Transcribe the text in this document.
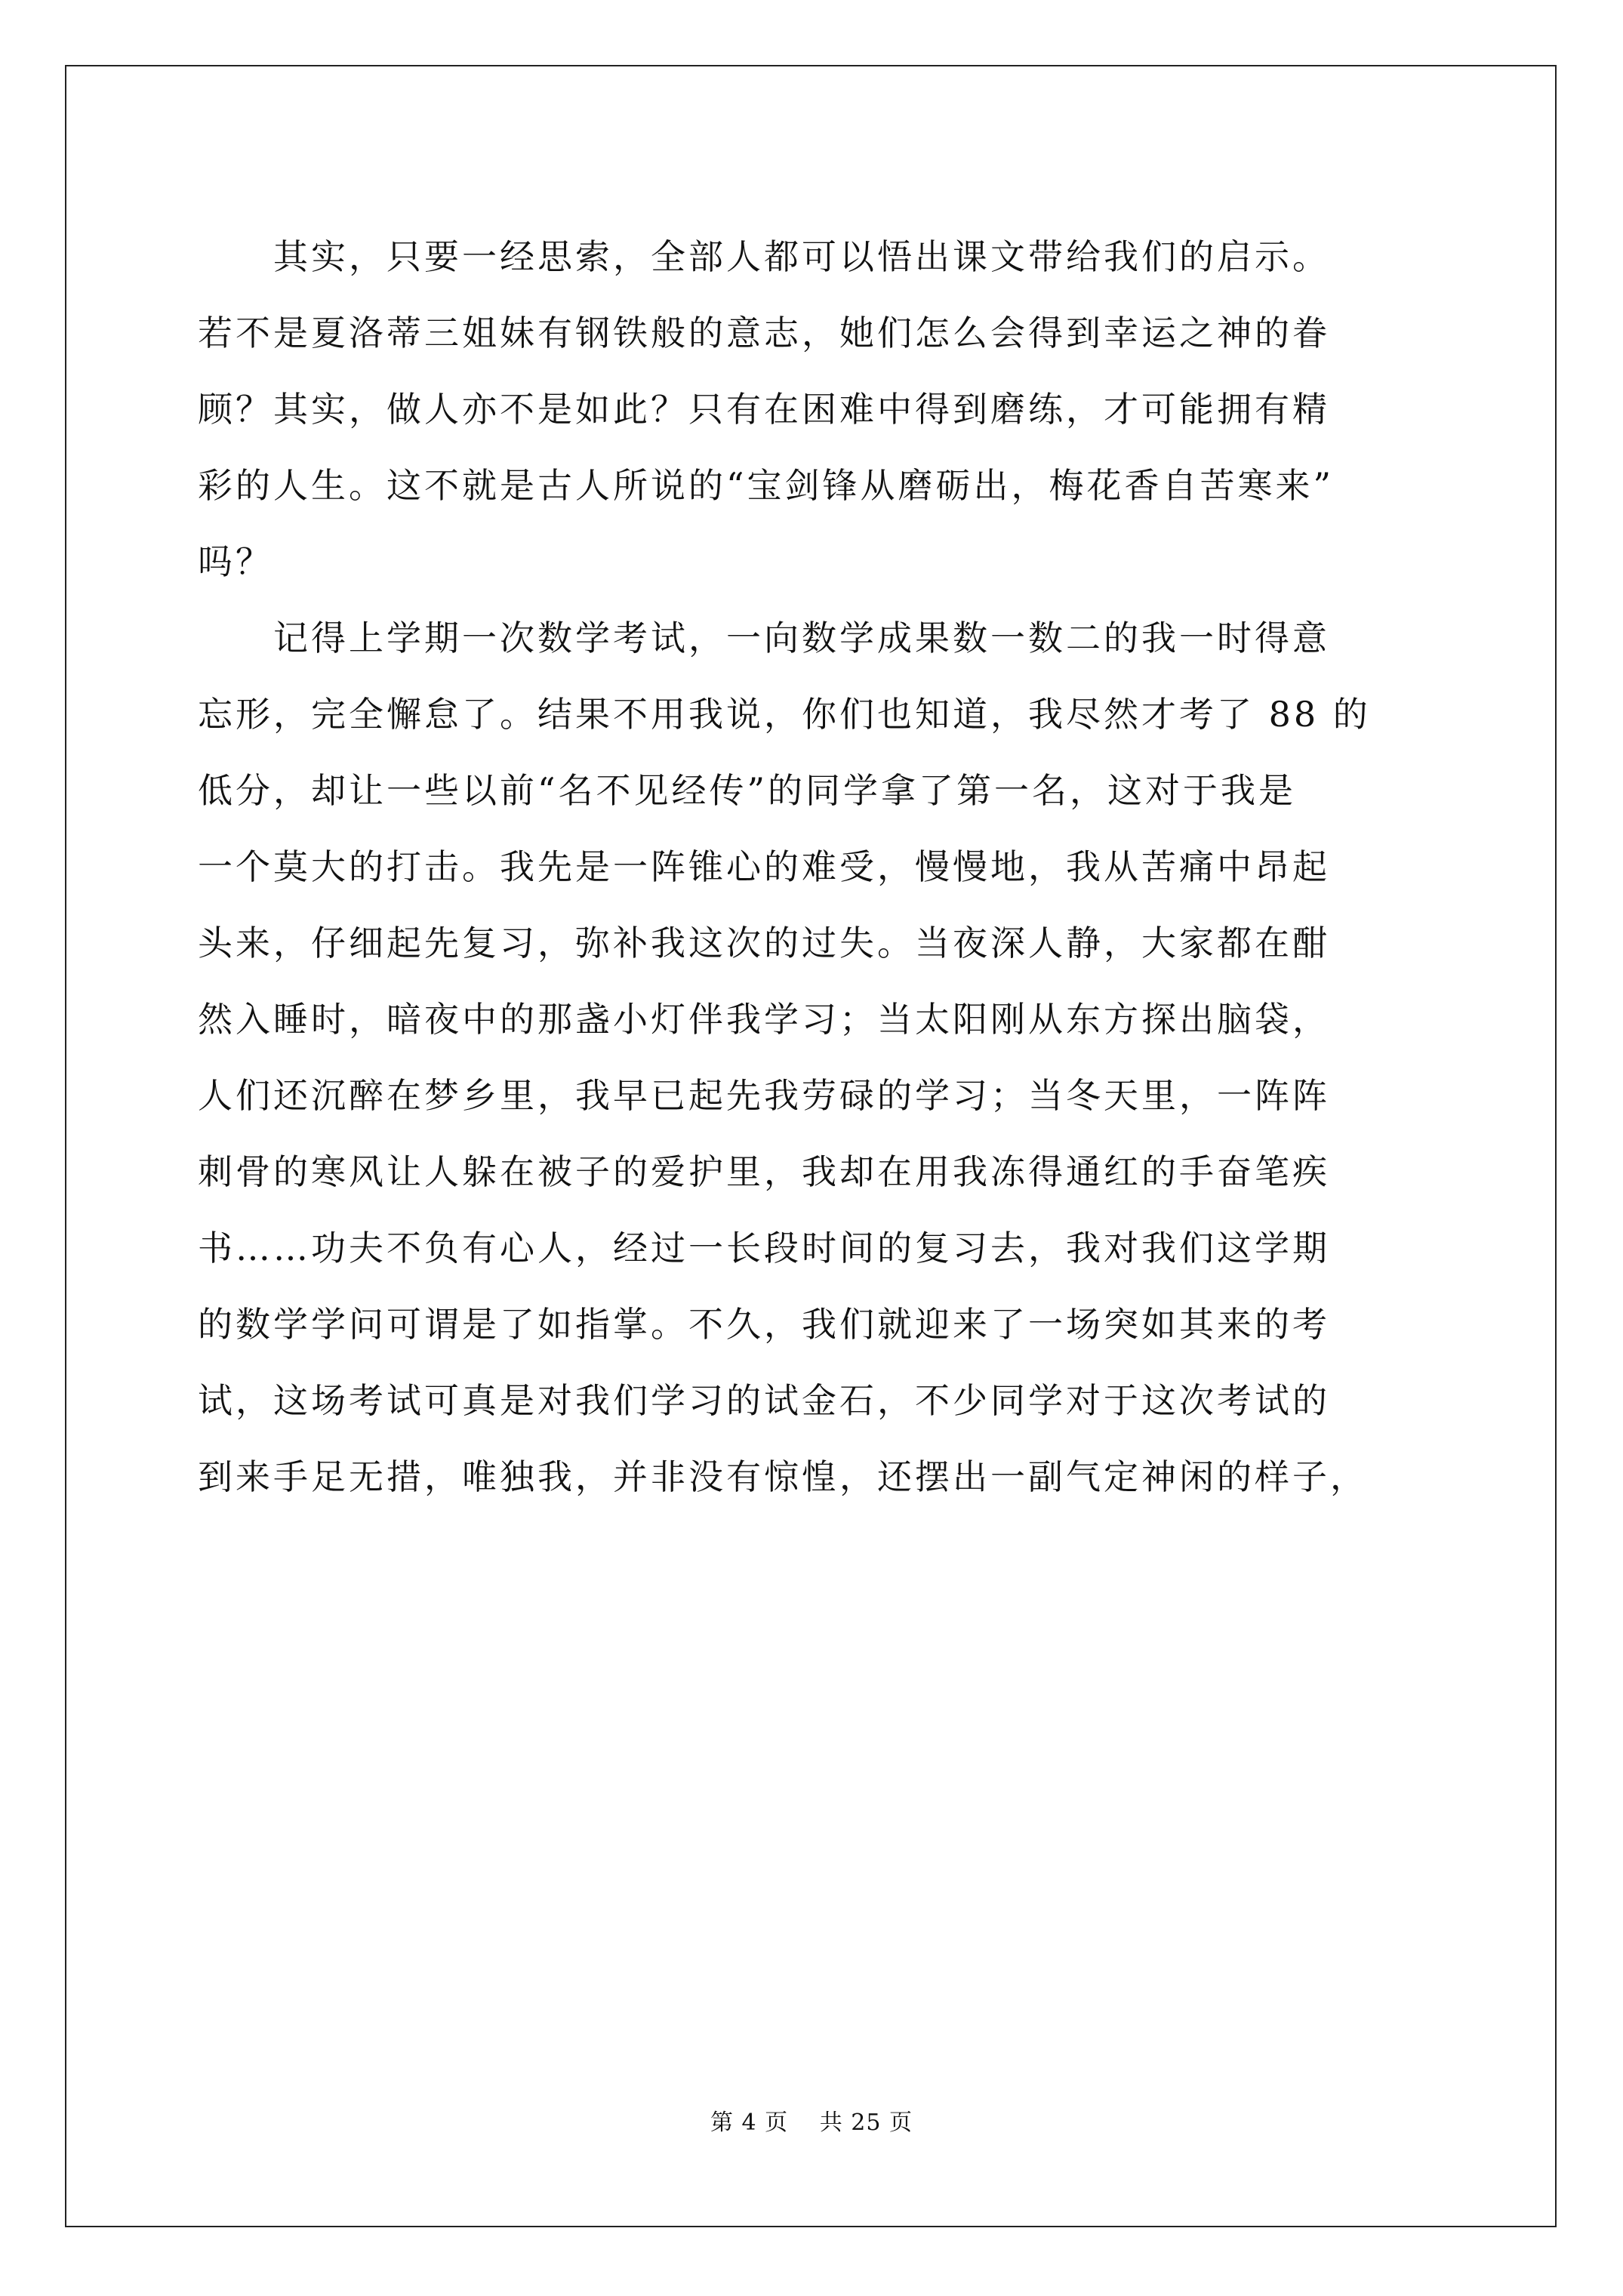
　　其实，只要一经思索，全部人都可以悟出课文带给我们的启示。
若不是夏洛蒂三姐妹有钢铁般的意志，她们怎么会得到幸运之神的眷
顾？其实，做人亦不是如此？只有在困难中得到磨练，才可能拥有精
彩的人生。这不就是古人所说的“宝剑锋从磨砺出，梅花香自苦寒来”
吗？
　　记得上学期一次数学考试，一向数学成果数一数二的我一时得意
忘形，完全懈怠了。结果不用我说，你们也知道，我尽然才考了 88 的
低分，却让一些以前“名不见经传”的同学拿了第一名，这对于我是
一个莫大的打击。我先是一阵锥心的难受，慢慢地，我从苦痛中昂起
头来，仔细起先复习，弥补我这次的过失。当夜深人静，大家都在酣
然入睡时，暗夜中的那盏小灯伴我学习；当太阳刚从东方探出脑袋，
人们还沉醉在梦乡里，我早已起先我劳碌的学习；当冬天里，一阵阵
刺骨的寒风让人躲在被子的爱护里，我却在用我冻得通红的手奋笔疾
书……功夫不负有心人，经过一长段时间的复习去，我对我们这学期
的数学学问可谓是了如指掌。不久，我们就迎来了一场突如其来的考
试，这场考试可真是对我们学习的试金石，不少同学对于这次考试的
到来手足无措，唯独我，并非没有惊惶，还摆出一副气定神闲的样子，
第 4 页　 共 25 页
